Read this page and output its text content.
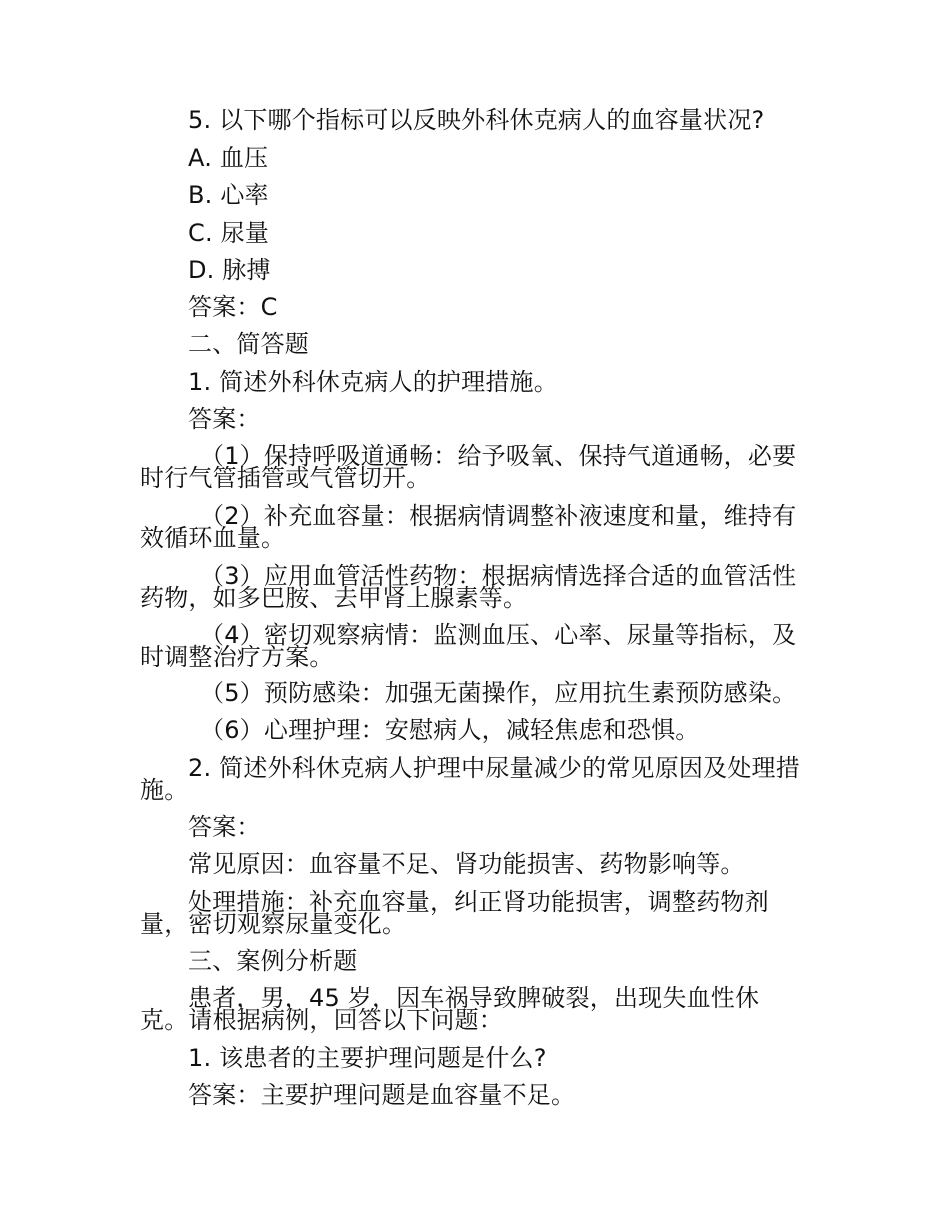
5. 以下哪个指标可以反映外科休克病人的血容量状况?
A. 血压
B. 心率
C. 尿量
D. 脉搏
答案：C
二、简答题
1. 简述外科休克病人的护理措施。
答案：
（1）保持呼吸道通畅：给予吸氧、保持气道通畅，必要
时行气管插管或气管切开。
（2）补充血容量：根据病情调整补液速度和量，维持有
效循环血量。
（3）应用血管活性药物：根据病情选择合适的血管活性
药物，如多巴胺、去甲肾上腺素等。
（4）密切观察病情：监测血压、心率、尿量等指标，及
时调整治疗方案。
（5）预防感染：加强无菌操作，应用抗生素预防感染。
（6）心理护理：安慰病人，减轻焦虑和恐惧。
2. 简述外科休克病人护理中尿量减少的常见原因及处理措
施。
答案：
常见原因：血容量不足、肾功能损害、药物影响等。
处理措施：补充血容量，纠正肾功能损害，调整药物剂
量，密切观察尿量变化。
三、案例分析题
患者，男，45 岁，因车祸导致脾破裂，出现失血性休
克。请根据病例，回答以下问题：
1. 该患者的主要护理问题是什么?
答案：主要护理问题是血容量不足。
